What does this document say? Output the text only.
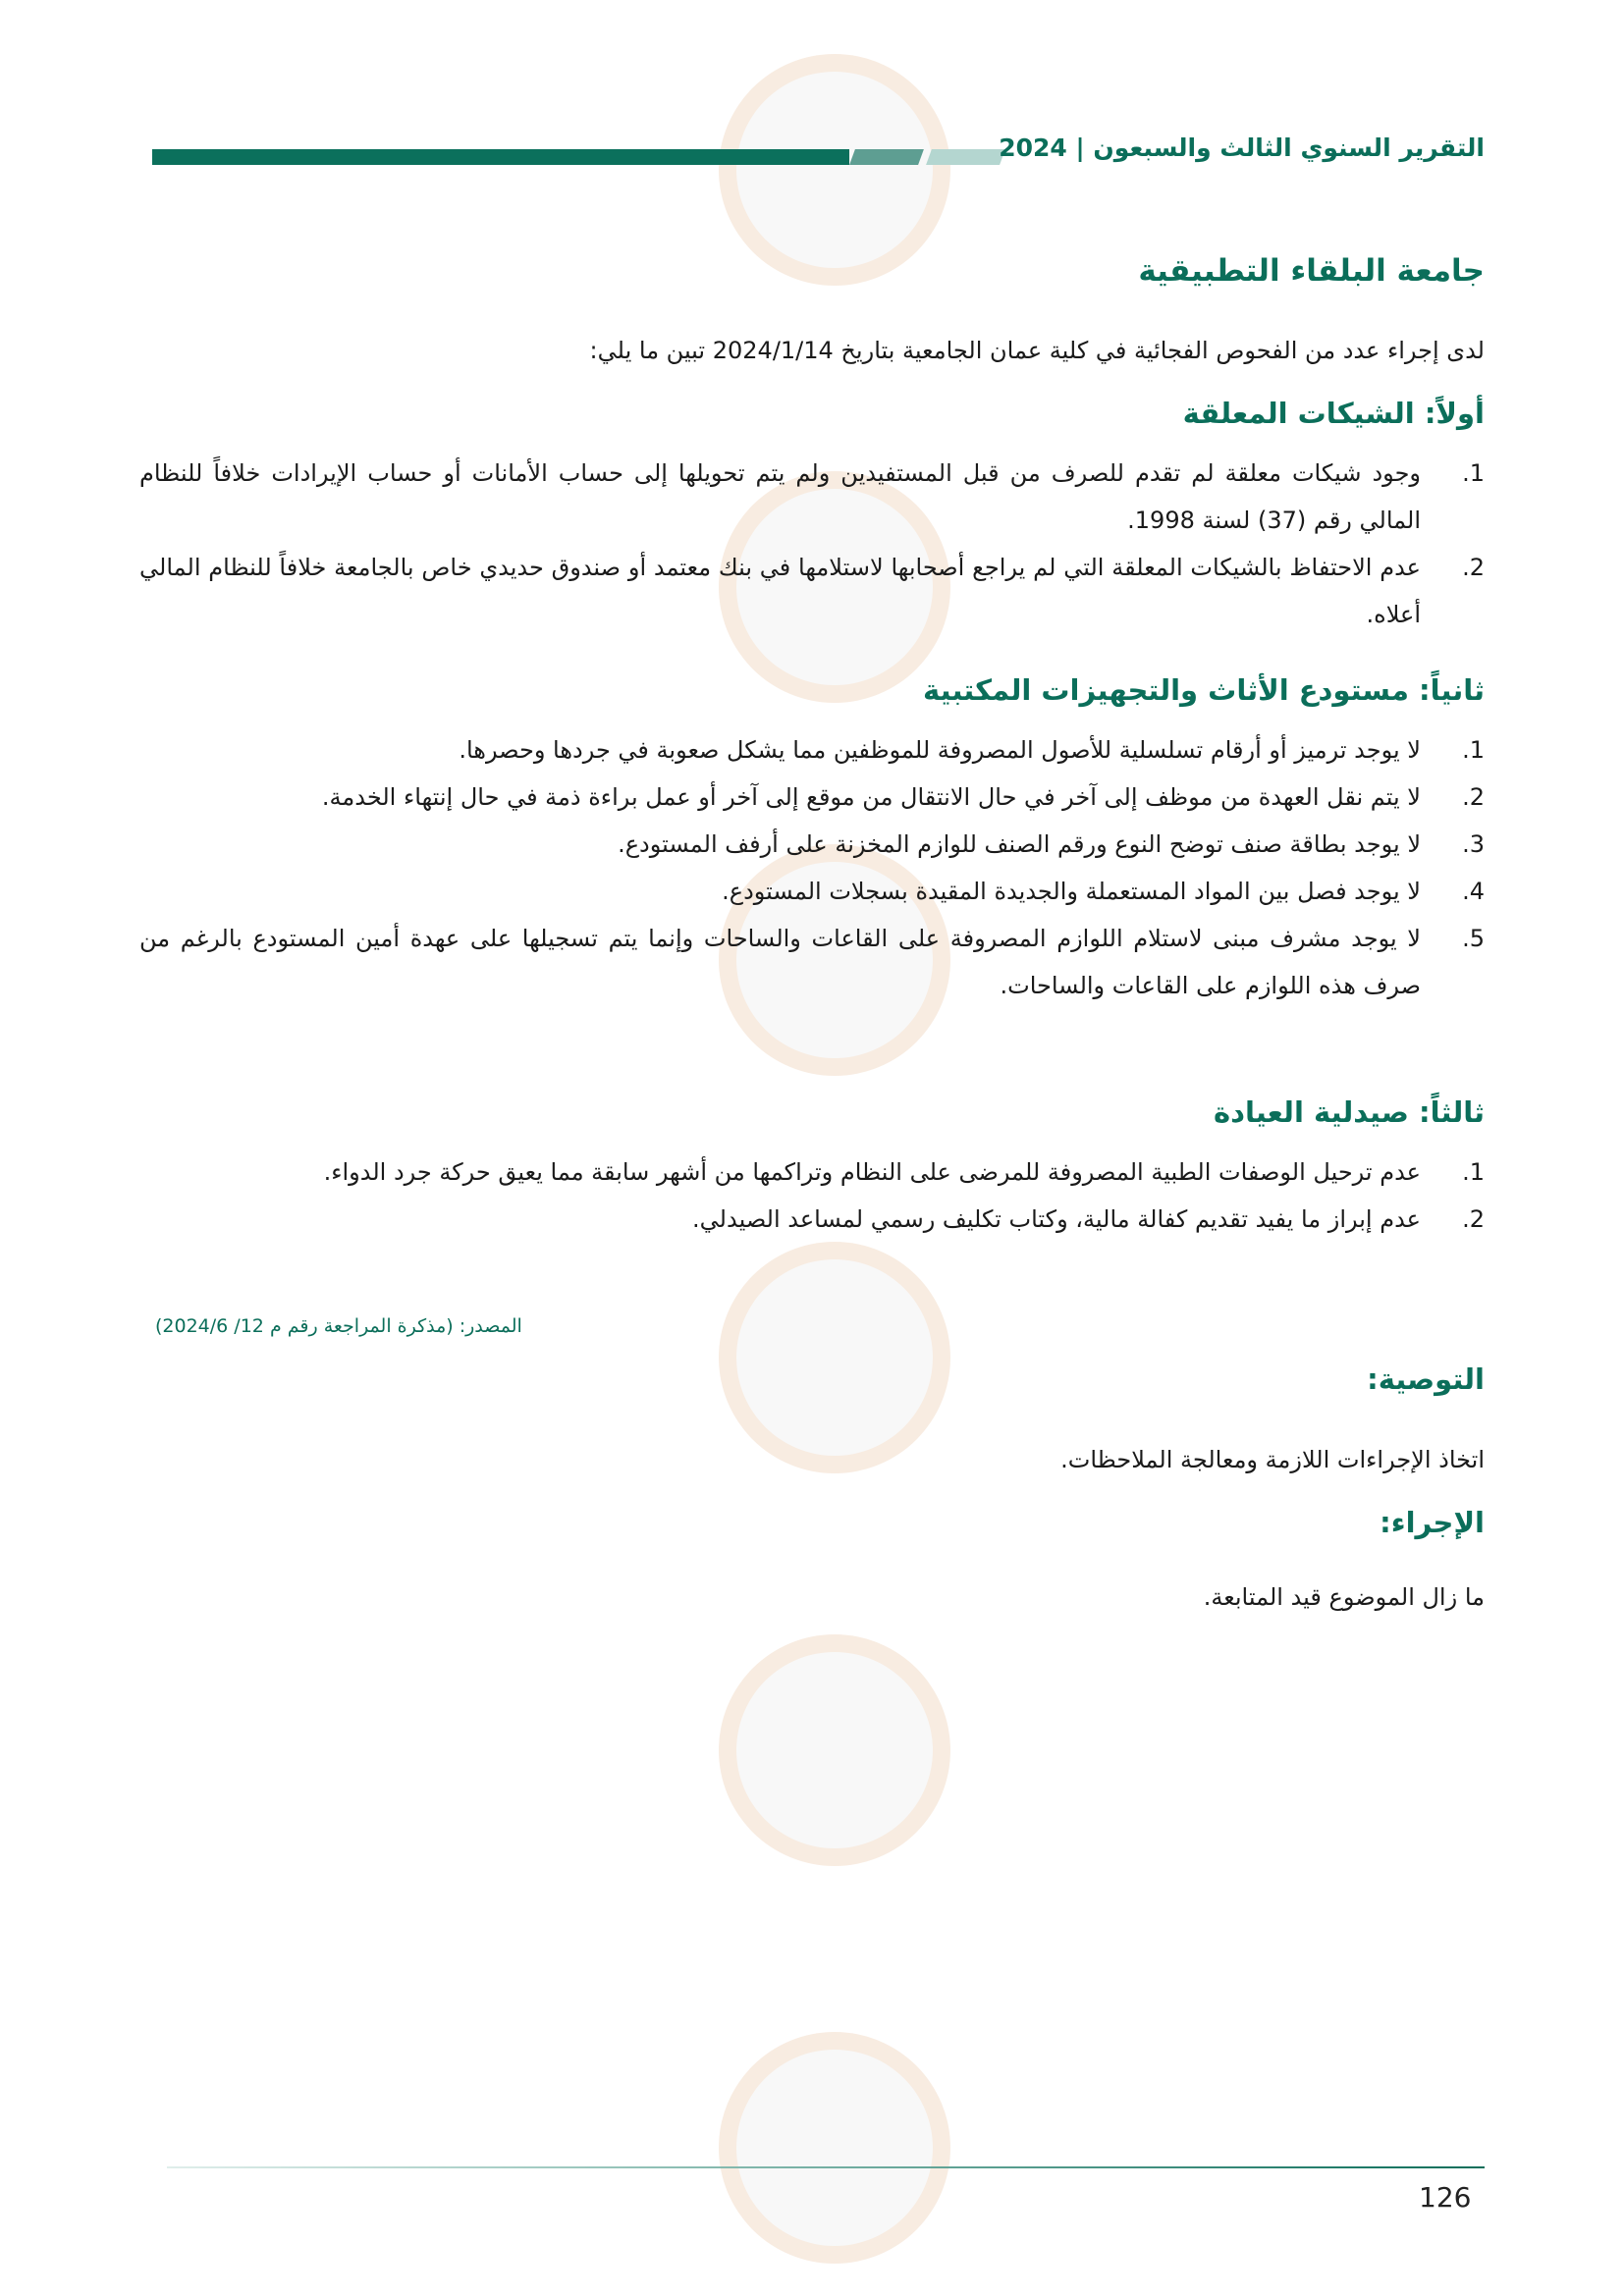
التقرير السنوي الثالث والسبعون | 2024
جامعة البلقاء التطبيقية
لدى إجراء عدد من الفحوص الفجائية في كلية عمان الجامعية بتاريخ 2024/1/14 تبين ما يلي:
أولاً: الشيكات المعلقة
1.
وجود شيكات معلقة لم تقدم للصرف من قبل المستفيدين ولم يتم تحويلها إلى حساب الأمانات أو حساب الإيرادات خلافاً للنظام المالي رقم (37) لسنة 1998.
2.
عدم الاحتفاظ بالشيكات المعلقة التي لم يراجع أصحابها لاستلامها في بنك معتمد أو صندوق حديدي خاص بالجامعة خلافاً للنظام المالي أعلاه.
ثانياً: مستودع الأثاث والتجهيزات المكتبية
1.
لا يوجد ترميز أو أرقام تسلسلية للأصول المصروفة للموظفين مما يشكل صعوبة في جردها وحصرها.
2.
لا يتم نقل العهدة من موظف إلى آخر في حال الانتقال من موقع إلى آخر أو عمل براءة ذمة في حال إنتهاء الخدمة.
3.
لا يوجد بطاقة صنف توضح النوع ورقم الصنف للوازم المخزنة على أرفف المستودع.
4.
لا يوجد فصل بين المواد المستعملة والجديدة المقيدة بسجلات المستودع.
5.
لا يوجد مشرف مبنى لاستلام اللوازم المصروفة على القاعات والساحات وإنما يتم تسجيلها على عهدة أمين المستودع بالرغم من صرف هذه اللوازم على القاعات والساحات.
ثالثاً: صيدلية العيادة
1.
عدم ترحيل الوصفات الطبية المصروفة للمرضى على النظام وتراكمها من أشهر سابقة مما يعيق حركة جرد الدواء.
2.
عدم إبراز ما يفيد تقديم كفالة مالية، وكتاب تكليف رسمي لمساعد الصيدلي.
المصدر: (مذكرة المراجعة رقم م 12/ 2024/6)
التوصية:
اتخاذ الإجراءات اللازمة ومعالجة الملاحظات.
الإجراء:
ما زال الموضوع قيد المتابعة.
126
